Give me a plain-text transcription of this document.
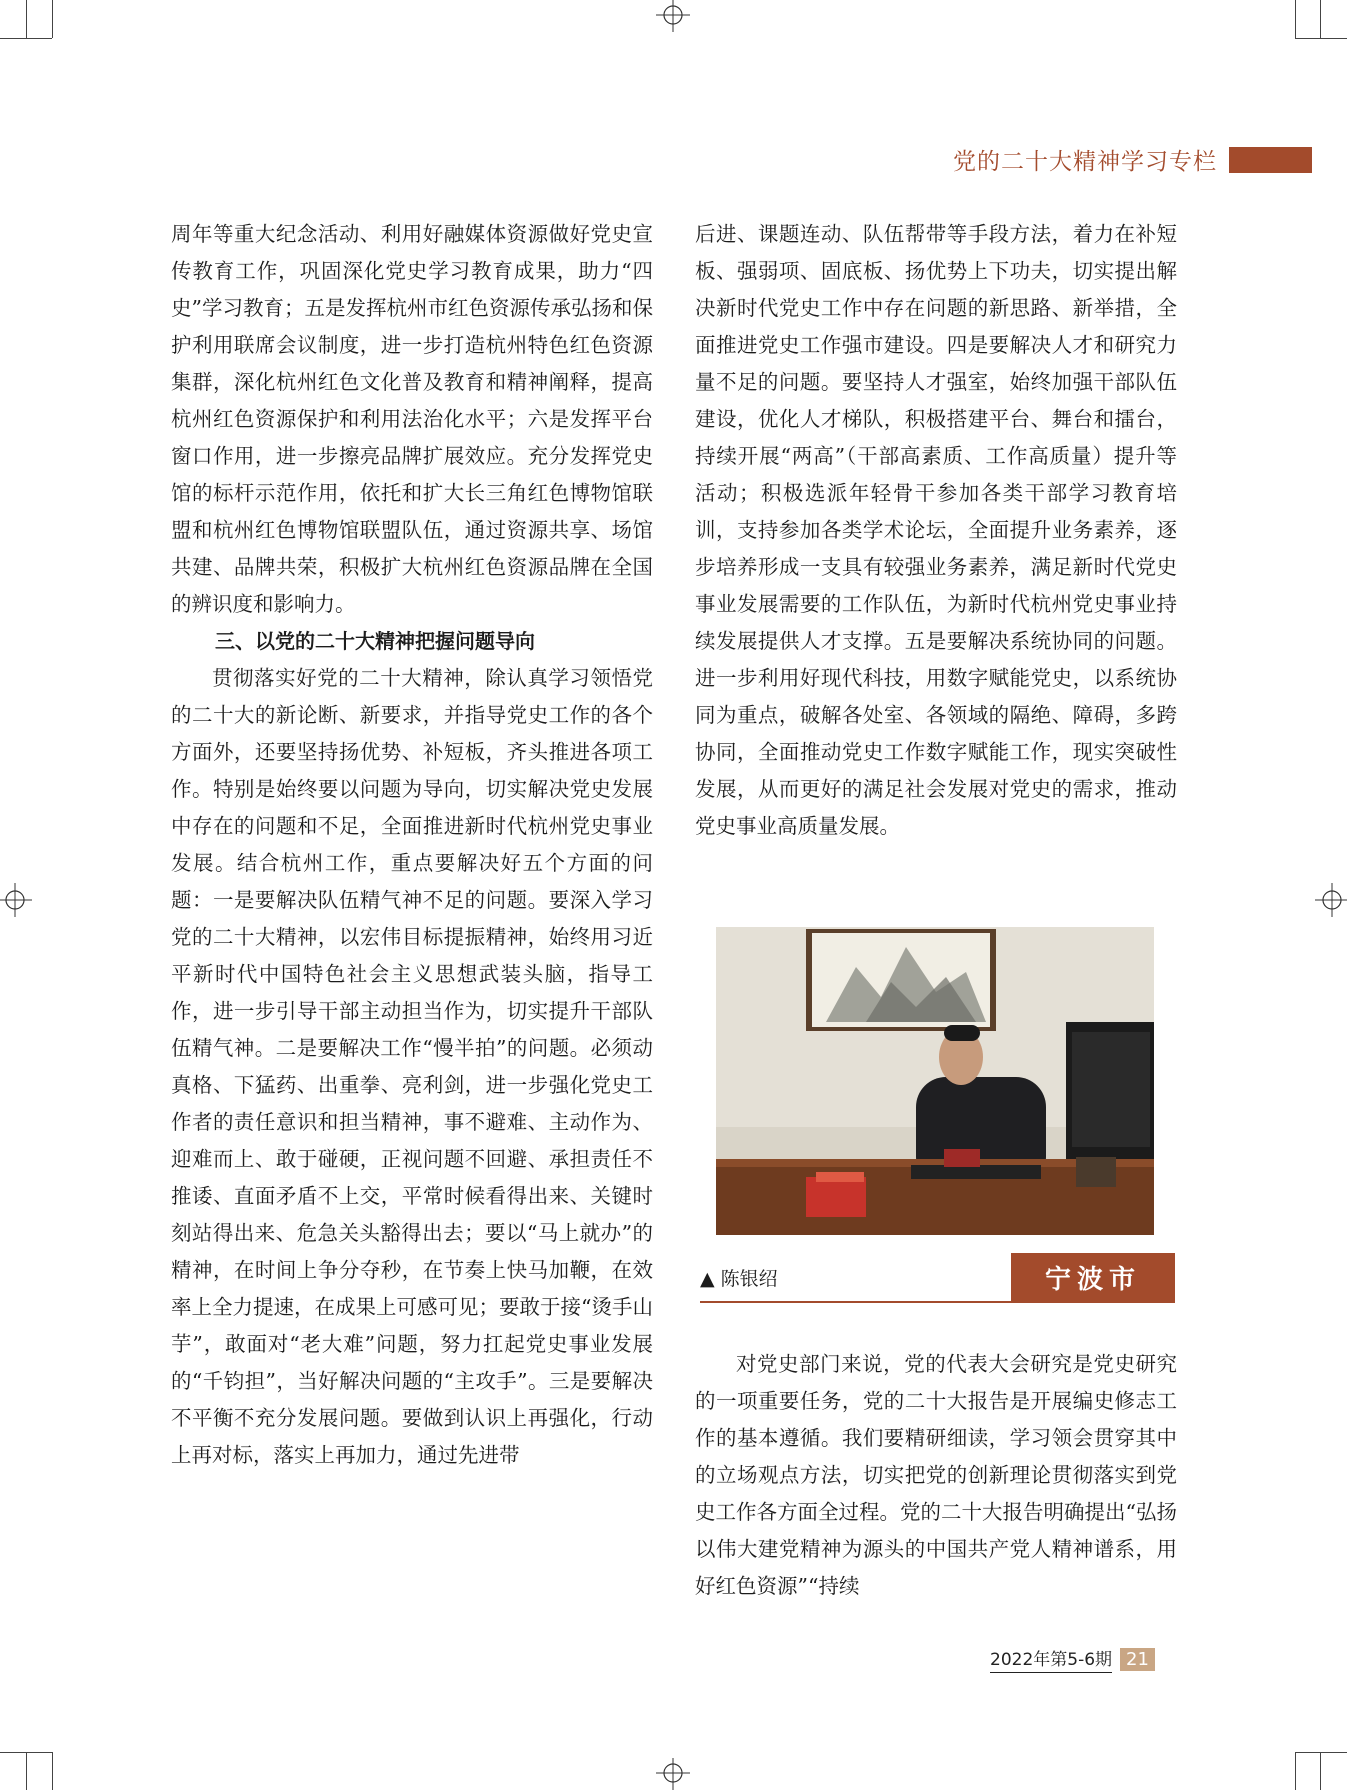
党的二十大精神学习专栏

周年等重大纪念活动、利用好融媒体资源做好党史宣传教育工作，巩固深化党史学习教育成果，助力“四史”学习教育；五是发挥杭州市红色资源传承弘扬和保护利用联席会议制度，进一步打造杭州特色红色资源集群，深化杭州红色文化普及教育和精神阐释，提高杭州红色资源保护和利用法治化水平；六是发挥平台窗口作用，进一步擦亮品牌扩展效应。充分发挥党史馆的标杆示范作用，依托和扩大长三角红色博物馆联盟和杭州红色博物馆联盟队伍，通过资源共享、场馆共建、品牌共荣，积极扩大杭州红色资源品牌在全国的辨识度和影响力。

三、以党的二十大精神把握问题导向

贯彻落实好党的二十大精神，除认真学习领悟党的二十大的新论断、新要求，并指导党史工作的各个方面外，还要坚持扬优势、补短板，齐头推进各项工作。特别是始终要以问题为导向，切实解决党史发展中存在的问题和不足，全面推进新时代杭州党史事业发展。结合杭州工作，重点要解决好五个方面的问题：一是要解决队伍精气神不足的问题。要深入学习党的二十大精神，以宏伟目标提振精神，始终用习近平新时代中国特色社会主义思想武装头脑，指导工作，进一步引导干部主动担当作为，切实提升干部队伍精气神。二是要解决工作“慢半拍”的问题。必须动真格、下猛药、出重拳、亮利剑，进一步强化党史工作者的责任意识和担当精神，事不避难、主动作为、迎难而上、敢于碰硬，正视问题不回避、承担责任不推诿、直面矛盾不上交，平常时候看得出来、关键时刻站得出来、危急关头豁得出去；要以“马上就办”的精神，在时间上争分夺秒，在节奏上快马加鞭，在效率上全力提速，在成果上可感可见；要敢于接“烫手山芋”，敢面对“老大难”问题，努力扛起党史事业发展的“千钧担”，当好解决问题的“主攻手”。三是要解决不平衡不充分发展问题。要做到认识上再强化，行动上再对标，落实上再加力，通过先进带

后进、课题连动、队伍帮带等手段方法，着力在补短板、强弱项、固底板、扬优势上下功夫，切实提出解决新时代党史工作中存在问题的新思路、新举措，全面推进党史工作强市建设。四是要解决人才和研究力量不足的问题。要坚持人才强室，始终加强干部队伍建设，优化人才梯队，积极搭建平台、舞台和擂台，持续开展“两高”（干部高素质、工作高质量）提升等活动；积极选派年轻骨干参加各类干部学习教育培训，支持参加各类学术论坛，全面提升业务素养，逐步培养形成一支具有较强业务素养，满足新时代党史事业发展需要的工作队伍，为新时代杭州党史事业持续发展提供人才支撑。五是要解决系统协同的问题。进一步利用好现代科技，用数字赋能党史，以系统协同为重点，破解各处室、各领域的隔绝、障碍，多跨协同，全面推动党史工作数字赋能工作，现实突破性发展，从而更好的满足社会发展对党史的需求，推动党史事业高质量发展。

▲ 陈银绍	宁波市

对党史部门来说，党的代表大会研究是党史研究的一项重要任务，党的二十大报告是开展编史修志工作的基本遵循。我们要精研细读，学习领会贯穿其中的立场观点方法，切实把党的创新理论贯彻落实到党史工作各方面全过程。党的二十大报告明确提出“弘扬以伟大建党精神为源头的中国共产党人精神谱系，用好红色资源”“持续

2022年第5-6期 21
